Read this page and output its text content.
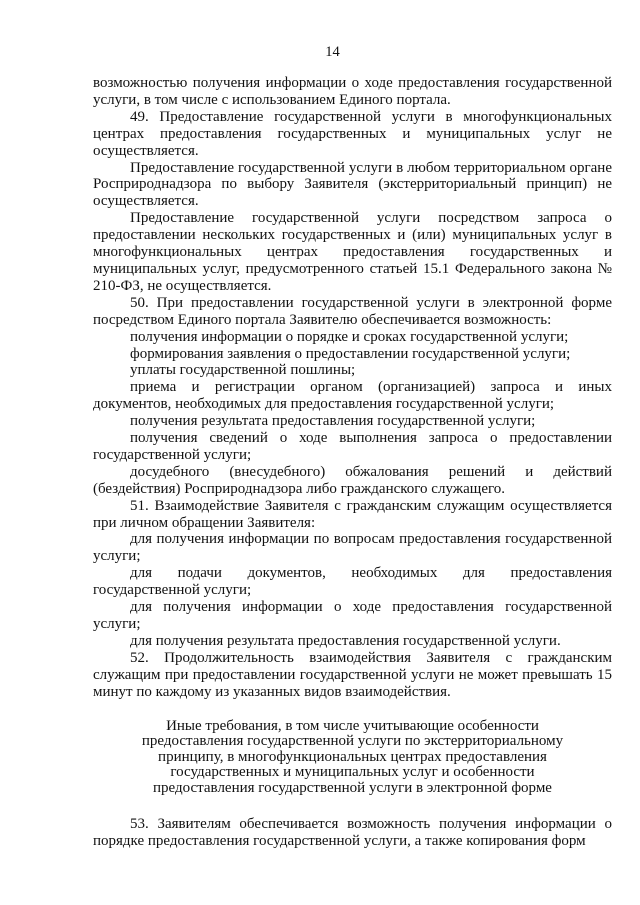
14

возможностью получения информации о ходе предоставления государственной услуги, в том числе с использованием Единого портала.

49. Предоставление государственной услуги в многофункциональных центрах предоставления государственных и муниципальных услуг не осуществляется.

Предоставление государственной услуги в любом территориальном органе Росприроднадзора по выбору Заявителя (экстерриториальный принцип) не осуществляется.

Предоставление государственной услуги посредством запроса о предоставлении нескольких государственных и (или) муниципальных услуг в многофункциональных центрах предоставления государственных и муниципальных услуг, предусмотренного статьей 15.1 Федерального закона № 210-ФЗ, не осуществляется.

50. При предоставлении государственной услуги в электронной форме посредством Единого портала Заявителю обеспечивается возможность:

получения информации о порядке и сроках государственной услуги;

формирования заявления о предоставлении государственной услуги;

уплаты государственной пошлины;

приема и регистрации органом (организацией) запроса и иных документов, необходимых для предоставления государственной услуги;

получения результата предоставления государственной услуги;

получения сведений о ходе выполнения запроса о предоставлении государственной услуги;

досудебного (внесудебного) обжалования решений и действий (бездействия) Росприроднадзора либо гражданского служащего.

51. Взаимодействие Заявителя с гражданским служащим осуществляется при личном обращении Заявителя:

для получения информации по вопросам предоставления государственной услуги;

для подачи документов, необходимых для предоставления государственной услуги;

для получения информации о ходе предоставления государственной услуги;

для получения результата предоставления государственной услуги.

52. Продолжительность взаимодействия Заявителя с гражданским служащим при предоставлении государственной услуги не может превышать 15 минут по каждому из указанных видов взаимодействия.

Иные требования, в том числе учитывающие особенности
предоставления государственной услуги по экстерриториальному
принципу, в многофункциональных центрах предоставления
государственных и муниципальных услуг и особенности
предоставления государственной услуги в электронной форме

53. Заявителям обеспечивается возможность получения информации о порядке предоставления государственной услуги, а также копирования форм
